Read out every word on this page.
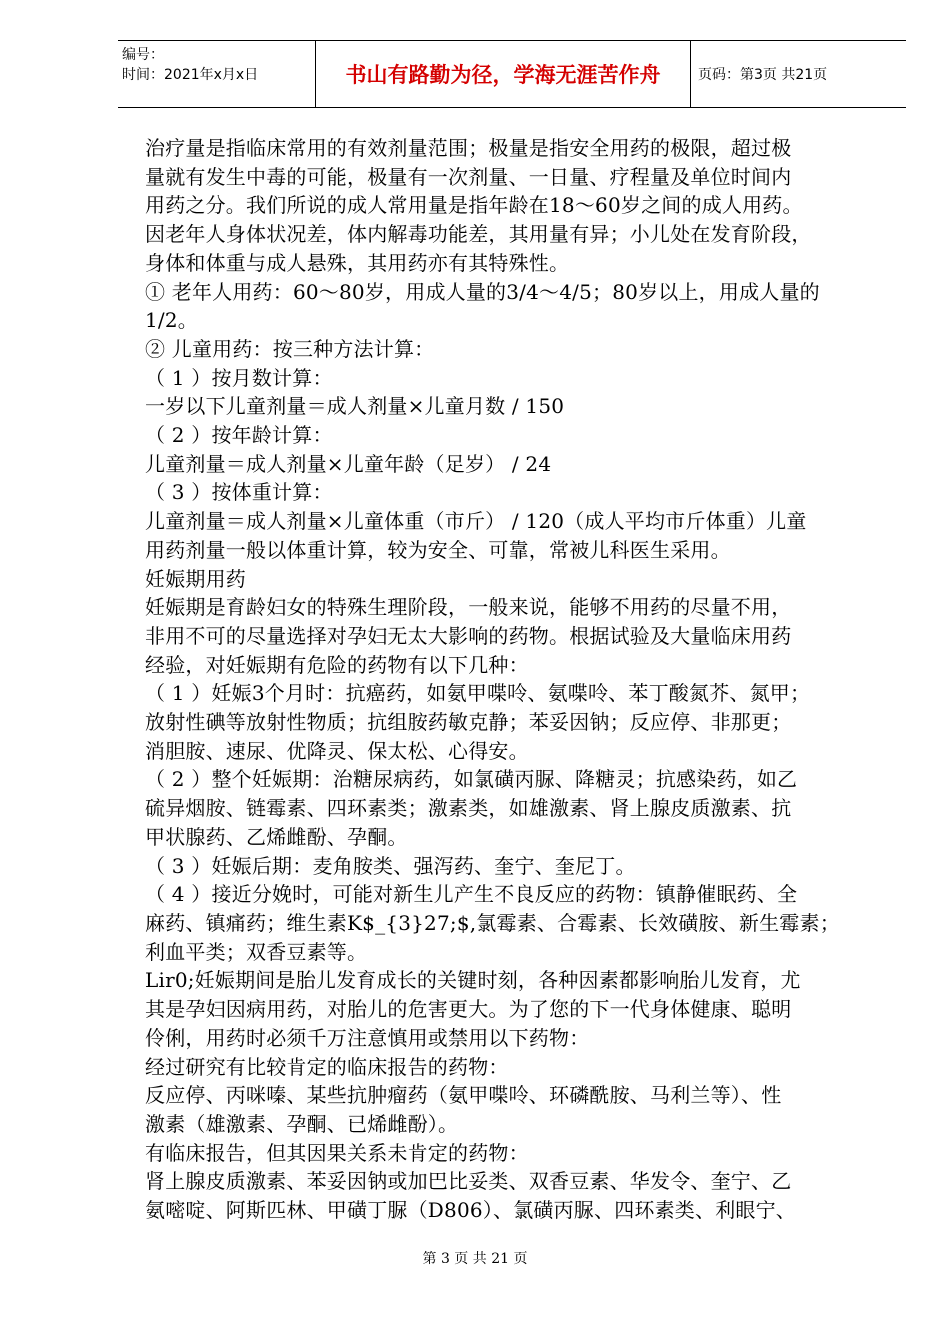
编号：
时间：2021年x月x日	书山有路勤为径，学海无涯苦作舟	页码：第3页 共21页

治疗量是指临床常用的有效剂量范围；极量是指安全用药的极限，超过极

量就有发生中毒的可能，极量有一次剂量、一日量、疗程量及单位时间内

用药之分。我们所说的成人常用量是指年龄在18～60岁之间的成人用药。

因老年人身体状况差，体内解毒功能差，其用量有异；小儿处在发育阶段，

身体和体重与成人悬殊，其用药亦有其特殊性。

① 老年人用药：60～80岁，用成人量的3/4～4/5；80岁以上，用成人量的

1/2。

② 儿童用药：按三种方法计算：

（ 1 ）按月数计算：

一岁以下儿童剂量＝成人剂量×儿童月数 / 150

（ 2 ）按年龄计算：

儿童剂量＝成人剂量×儿童年龄（足岁） / 24

（ 3 ）按体重计算：

儿童剂量＝成人剂量×儿童体重（市斤） / 120（成人平均市斤体重）儿童

用药剂量一般以体重计算，较为安全、可靠，常被儿科医生采用。

妊娠期用药

妊娠期是育龄妇女的特殊生理阶段，一般来说，能够不用药的尽量不用，

非用不可的尽量选择对孕妇无太大影响的药物。根据试验及大量临床用药

经验，对妊娠期有危险的药物有以下几种：

（ 1 ）妊娠3个月时：抗癌药，如氨甲喋呤、氨喋呤、苯丁酸氮芥、氮甲；

放射性碘等放射性物质；抗组胺药敏克静；苯妥因钠；反应停、非那更；

消胆胺、速尿、优降灵、保太松、心得安。

（ 2 ）整个妊娠期：治糖尿病药，如氯磺丙脲、降糖灵；抗感染药，如乙

硫异烟胺、链霉素、四环素类；激素类，如雄激素、肾上腺皮质激素、抗

甲状腺药、乙烯雌酚、孕酮。

（ 3 ）妊娠后期：麦角胺类、强泻药、奎宁、奎尼丁。

（ 4 ）接近分娩时，可能对新生儿产生不良反应的药物：镇静催眠药、全

麻药、镇痛药；维生素K$_{3}27;$,氯霉素、合霉素、长效磺胺、新生霉素；

利血平类；双香豆素等。

Lir0;妊娠期间是胎儿发育成长的关键时刻，各种因素都影响胎儿发育，尤

其是孕妇因病用药，对胎儿的危害更大。为了您的下一代身体健康、聪明

伶俐，用药时必须千万注意慎用或禁用以下药物：

经过研究有比较肯定的临床报告的药物：

反应停、丙咪嗪、某些抗肿瘤药（氨甲喋呤、环磷酰胺、马利兰等）、性

激素（雄激素、孕酮、已烯雌酚）。

有临床报告，但其因果关系未肯定的药物：

肾上腺皮质激素、苯妥因钠或加巴比妥类、双香豆素、华发令、奎宁、乙

氨嘧啶、阿斯匹林、甲磺丁脲（D806）、氯磺丙脲、四环素类、利眼宁、

第 3 页 共 21 页
